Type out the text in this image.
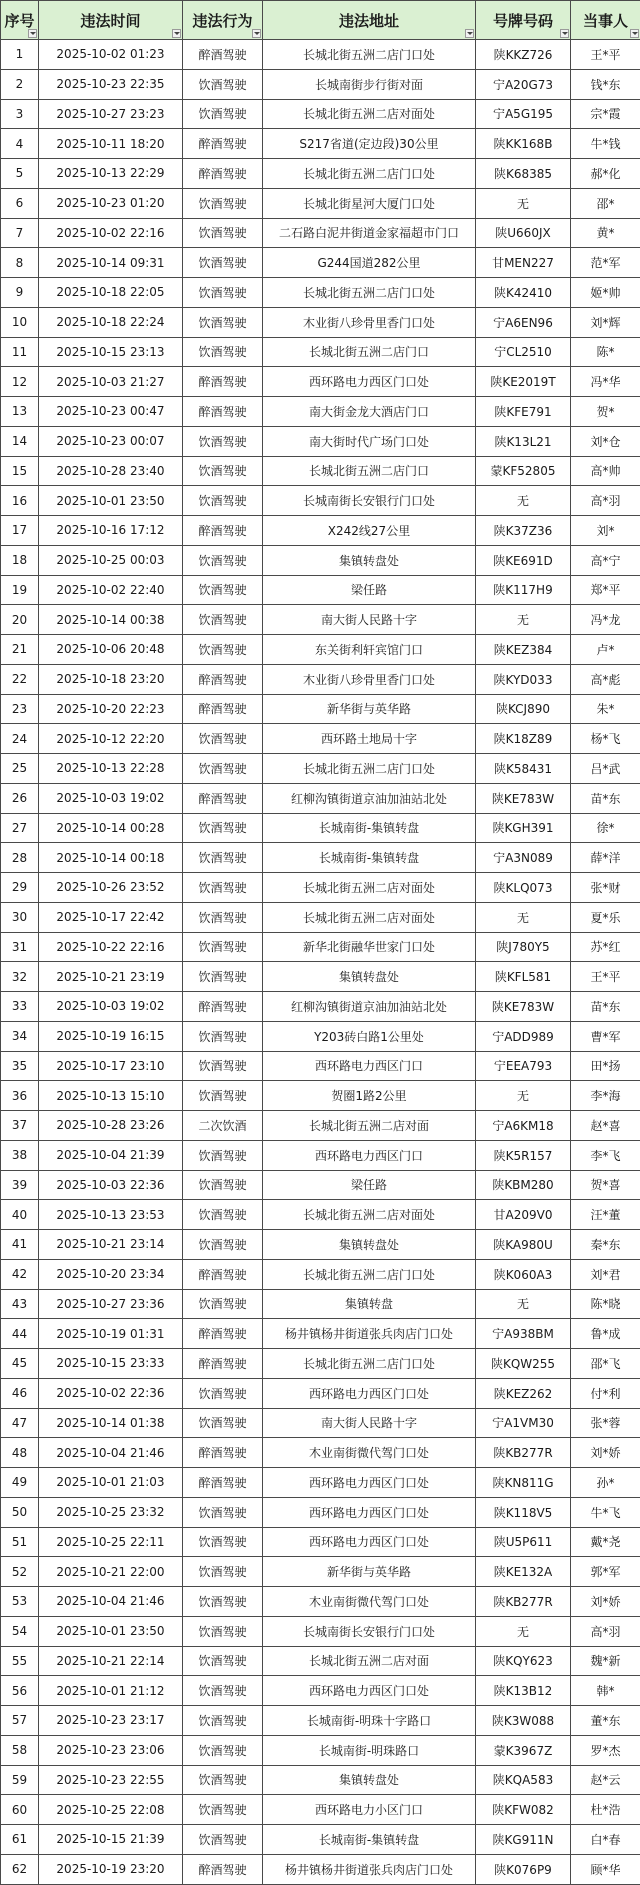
序号	违法时间	违法行为	违法地址	号牌号码	当事人

1	2025-10-02 01:23	醉酒驾驶	长城北街五洲二店门口处	陕KKZ726	王*平
2	2025-10-23 22:35	饮酒驾驶	长城南街步行街对面	宁A20G73	钱*东
3	2025-10-27 23:23	饮酒驾驶	长城北街五洲二店对面处	宁A5G195	宗*霞
4	2025-10-11 18:20	醉酒驾驶	S217省道(定边段)30公里	陕KK168B	牛*钱
5	2025-10-13 22:29	醉酒驾驶	长城北街五洲二店门口处	陕K68385	郝*化
6	2025-10-23 01:20	饮酒驾驶	长城北街星河大厦门口处	无	邵*
7	2025-10-02 22:16	饮酒驾驶	二石路白泥井街道金家福超市门口	陕U660JX	黄*
8	2025-10-14 09:31	饮酒驾驶	G244国道282公里	甘MEN227	范*军
9	2025-10-18 22:05	饮酒驾驶	长城北街五洲二店门口处	陕K42410	姬*帅
10	2025-10-18 22:24	饮酒驾驶	木业街八珍骨里香门口处	宁A6EN96	刘*辉
11	2025-10-15 23:13	饮酒驾驶	长城北街五洲二店门口	宁CL2510	陈*
12	2025-10-03 21:27	醉酒驾驶	西环路电力西区门口处	陕KE2019T	冯*华
13	2025-10-23 00:47	醉酒驾驶	南大街金龙大酒店门口	陕KFE791	贺*
14	2025-10-23 00:07	饮酒驾驶	南大街时代广场门口处	陕K13L21	刘*仓
15	2025-10-28 23:40	饮酒驾驶	长城北街五洲二店门口	蒙KF52805	高*帅
16	2025-10-01 23:50	饮酒驾驶	长城南街长安银行门口处	无	高*羽
17	2025-10-16 17:12	醉酒驾驶	X242线27公里	陕K37Z36	刘*
18	2025-10-25 00:03	饮酒驾驶	集镇转盘处	陕KE691D	高*宁
19	2025-10-02 22:40	饮酒驾驶	梁任路	陕K117H9	郑*平
20	2025-10-14 00:38	饮酒驾驶	南大街人民路十字	无	冯*龙
21	2025-10-06 20:48	饮酒驾驶	东关街利轩宾馆门口	陕KEZ384	卢*
22	2025-10-18 23:20	醉酒驾驶	木业街八珍骨里香门口处	陕KYD033	高*彪
23	2025-10-20 22:23	醉酒驾驶	新华街与英华路	陕KCJ890	朱*
24	2025-10-12 22:20	饮酒驾驶	西环路土地局十字	陕K18Z89	杨*飞
25	2025-10-13 22:28	饮酒驾驶	长城北街五洲二店门口处	陕K58431	吕*武
26	2025-10-03 19:02	醉酒驾驶	红柳沟镇街道京油加油站北处	陕KE783W	苗*东
27	2025-10-14 00:28	饮酒驾驶	长城南街-集镇转盘	陕KGH391	徐*
28	2025-10-14 00:18	饮酒驾驶	长城南街-集镇转盘	宁A3N089	薛*洋
29	2025-10-26 23:52	饮酒驾驶	长城北街五洲二店对面处	陕KLQ073	张*财
30	2025-10-17 22:42	饮酒驾驶	长城北街五洲二店对面处	无	夏*乐
31	2025-10-22 22:16	饮酒驾驶	新华北街融华世家门口处	陕J780Y5	苏*红
32	2025-10-21 23:19	饮酒驾驶	集镇转盘处	陕KFL581	王*平
33	2025-10-03 19:02	醉酒驾驶	红柳沟镇街道京油加油站北处	陕KE783W	苗*东
34	2025-10-19 16:15	饮酒驾驶	Y203砖白路1公里处	宁ADD989	曹*军
35	2025-10-17 23:10	饮酒驾驶	西环路电力西区门口	宁EEA793	田*扬
36	2025-10-13 15:10	饮酒驾驶	贺圈1路2公里	无	李*海
37	2025-10-28 23:26	二次饮酒	长城北街五洲二店对面	宁A6KM18	赵*喜
38	2025-10-04 21:39	饮酒驾驶	西环路电力西区门口	陕K5R157	李*飞
39	2025-10-03 22:36	饮酒驾驶	梁任路	陕KBM280	贺*喜
40	2025-10-13 23:53	饮酒驾驶	长城北街五洲二店对面处	甘A209V0	汪*董
41	2025-10-21 23:14	饮酒驾驶	集镇转盘处	陕KA980U	秦*东
42	2025-10-20 23:34	醉酒驾驶	长城北街五洲二店门口处	陕K060A3	刘*君
43	2025-10-27 23:36	饮酒驾驶	集镇转盘	无	陈*晓
44	2025-10-19 01:31	醉酒驾驶	杨井镇杨井街道张兵肉店门口处	宁A938BM	鲁*成
45	2025-10-15 23:33	醉酒驾驶	长城北街五洲二店门口处	陕KQW255	邵*飞
46	2025-10-02 22:36	饮酒驾驶	西环路电力西区门口处	陕KEZ262	付*利
47	2025-10-14 01:38	饮酒驾驶	南大街人民路十字	宁A1VM30	张*蓉
48	2025-10-04 21:46	醉酒驾驶	木业南街微代驾门口处	陕KB277R	刘*娇
49	2025-10-01 21:03	醉酒驾驶	西环路电力西区门口处	陕KN811G	孙*
50	2025-10-25 23:32	饮酒驾驶	西环路电力西区门口处	陕K118V5	牛*飞
51	2025-10-25 22:11	饮酒驾驶	西环路电力西区门口处	陕U5P611	戴*尧
52	2025-10-21 22:00	饮酒驾驶	新华街与英华路	陕KE132A	郭*军
53	2025-10-04 21:46	饮酒驾驶	木业南街微代驾门口处	陕KB277R	刘*娇
54	2025-10-01 23:50	饮酒驾驶	长城南街长安银行门口处	无	高*羽
55	2025-10-21 22:14	饮酒驾驶	长城北街五洲二店对面	陕KQY623	魏*新
56	2025-10-01 21:12	饮酒驾驶	西环路电力西区门口处	陕K13B12	韩*
57	2025-10-23 23:17	饮酒驾驶	长城南街-明珠十字路口	陕K3W088	董*东
58	2025-10-23 23:06	饮酒驾驶	长城南街-明珠路口	蒙K3967Z	罗*杰
59	2025-10-23 22:55	饮酒驾驶	集镇转盘处	陕KQA583	赵*云
60	2025-10-25 22:08	饮酒驾驶	西环路电力小区门口	陕KFW082	杜*浩
61	2025-10-15 21:39	饮酒驾驶	长城南街-集镇转盘	陕KG911N	白*春
62	2025-10-19 23:20	醉酒驾驶	杨井镇杨井街道张兵肉店门口处	陕K076P9	顾*华
